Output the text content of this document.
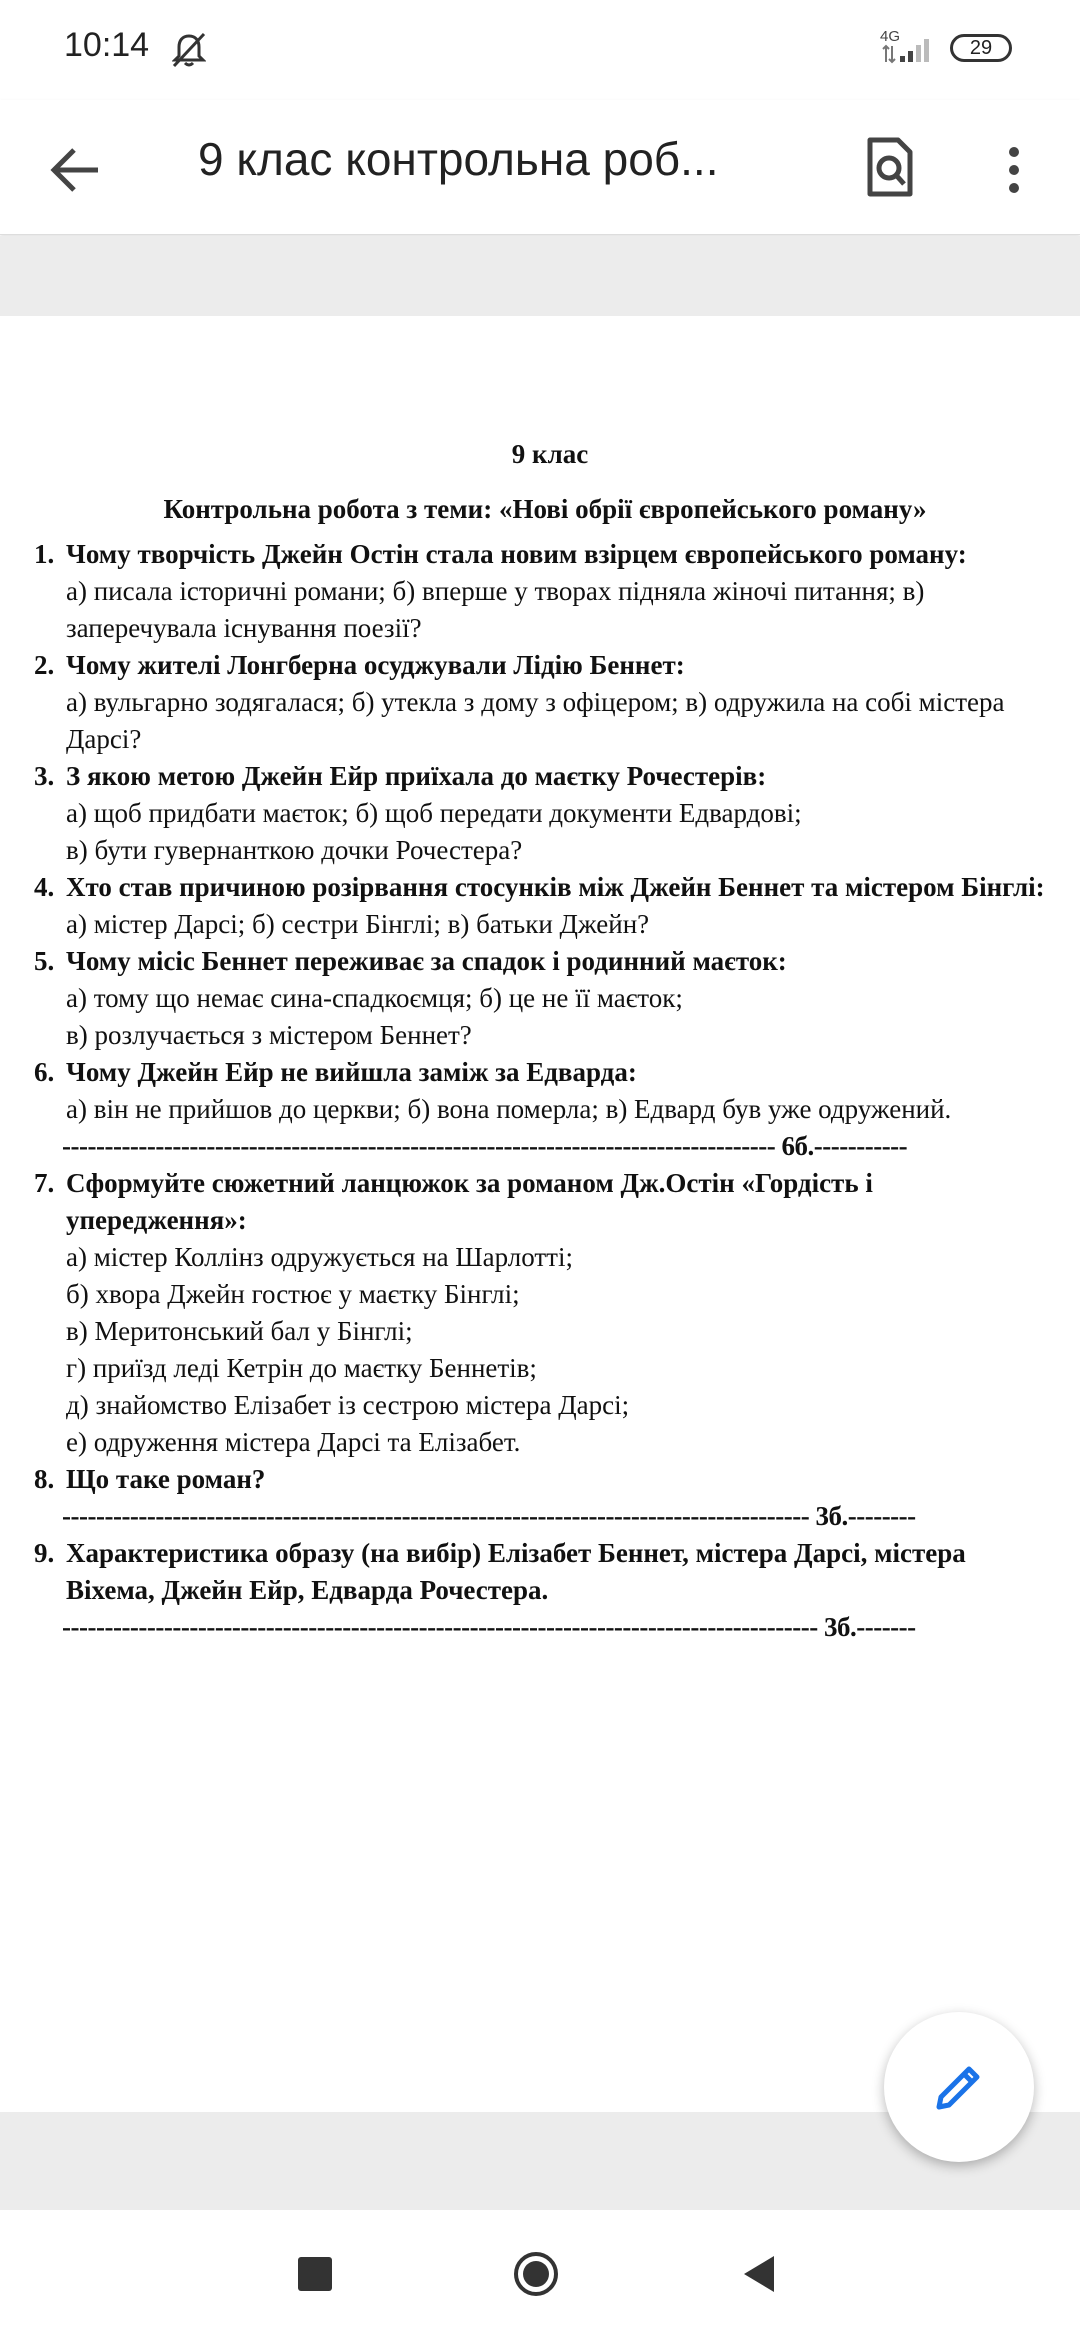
10:14	4G
29
9 клас контрольна роб...
9 клас
Контрольна робота з теми: «Нові обрії європейського роману»
1. Чому творчість Джейн Остін стала новим взірцем європейського роману:
а) писала історичні романи; б) вперше у творах підняла жіночі питання; в) заперечувала існування поезії?
2. Чому жителі Лонгберна осуджували Лідію Беннет:
а) вульгарно зодягалася; б) утекла з дому з офіцером; в) одружила на собі містера Дарсі?
3. З якою метою Джейн Ейр приїхала до маєтку Рочестерів:
а) щоб придбати маєток; б) щоб передати документи Едвардові;
в) бути гувернанткою дочки Рочестера?
4. Хто став причиною розірвання стосунків між Джейн Беннет та містером Бінглі:
а) містер Дарсі; б) сестри Бінглі; в) батьки Джейн?
5. Чому місіс Беннет переживає за спадок і родинний маєток:
а) тому що немає сина-спадкоємця; б) це не її маєток;
в) розлучається з містером Беннет?
6. Чому Джейн Ейр не вийшла заміж за Едварда:
а) він не прийшов до церкви; б) вона померла; в) Едвард був уже одружений.
------------------------------------------------------------------------------------ 6б.-----------
7. Сформуйте сюжетний ланцюжок за романом Дж.Остін «Гордість і упередження»:
а) містер Коллінз одружується на Шарлотті;
б) хвора Джейн гостює у маєтку Бінглі;
в) Меритонський бал у Бінглі;
г) приїзд леді Кетрін до маєтку Беннетів;
д) знайомство Елізабет із сестрою містера Дарсі;
е) одруження містера Дарсі та Елізабет.
8. Що таке роман?
---------------------------------------------------------------------------------------- 3б.--------
9. Характеристика образу (на вибір) Елізабет Беннет, містера Дарсі, містера Віхема, Джейн Ейр, Едварда Рочестера.
----------------------------------------------------------------------------------------- 3б.-------
